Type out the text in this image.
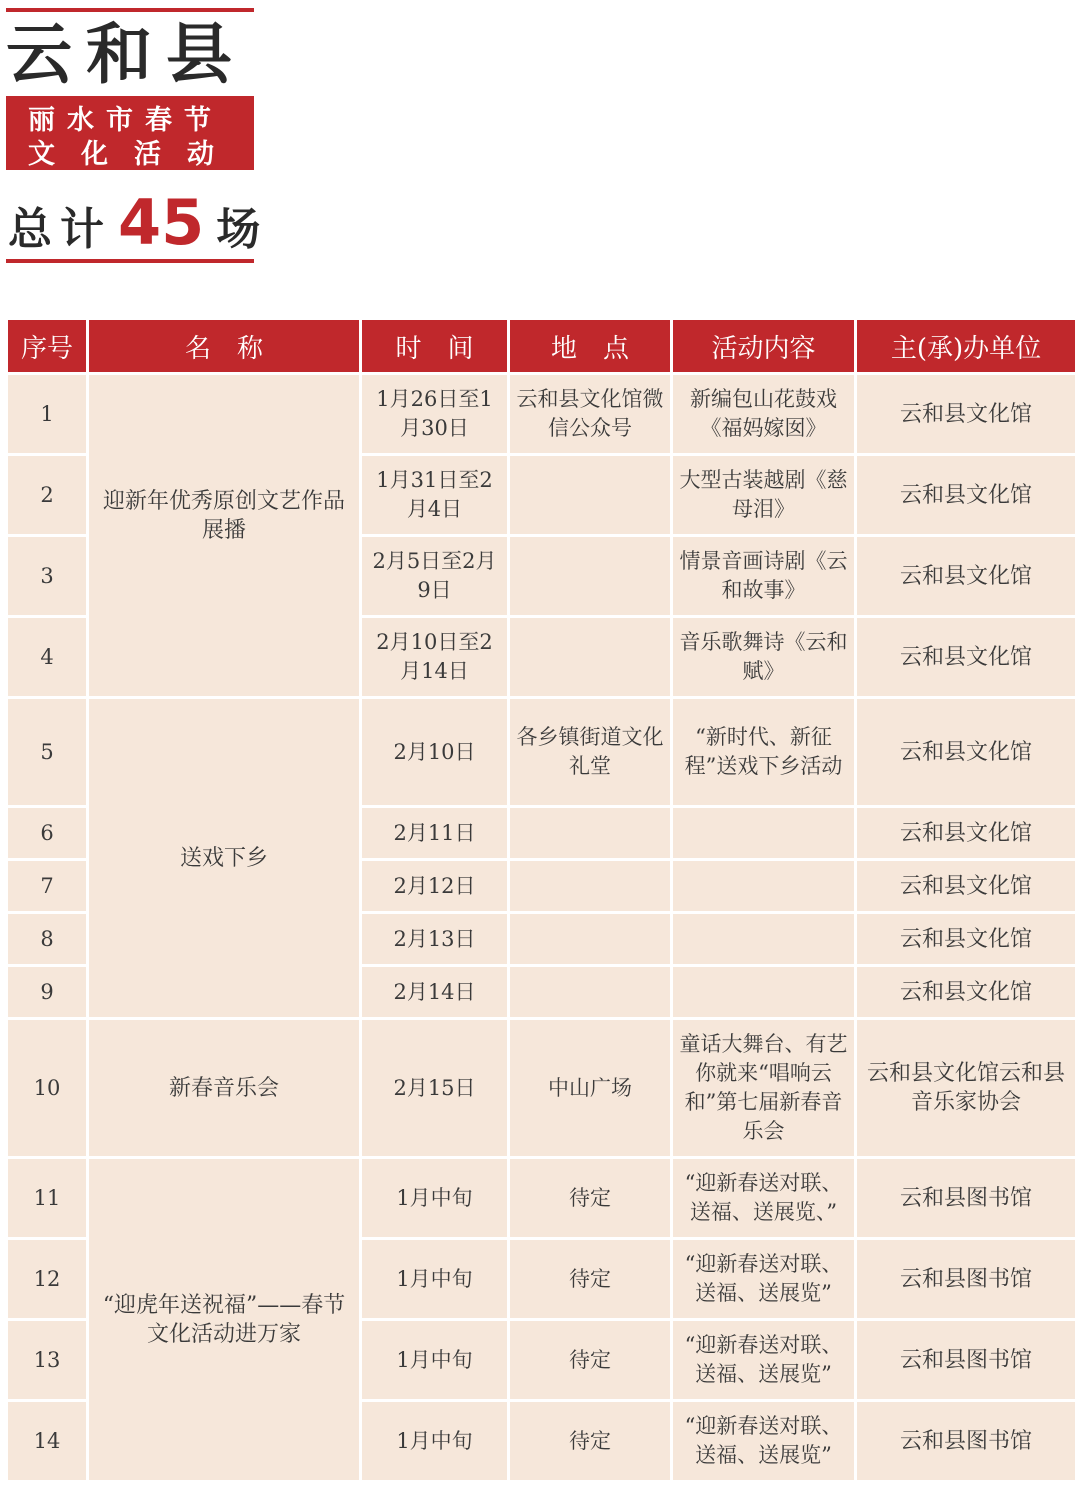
云和县
丽水市春节
文化活动
总计45 场
序号	名　称	时　间	地　点	活动内容	主(承)办单位
1	迎新年优秀原创文艺作品展播	1月26日至1月30日	云和县文化馆微信公众号	新编包山花鼓戏《福妈嫁囡》	云和县文化馆
2		1月31日至2月4日		大型古装越剧《慈母泪》	云和县文化馆
3		2月5日至2月9日		情景音画诗剧《云和故事》	云和县文化馆
4		2月10日至2月14日		音乐歌舞诗《云和赋》	云和县文化馆
5	送戏下乡	2月10日	各乡镇街道文化礼堂	“新时代、新征程”送戏下乡活动	云和县文化馆
6		2月11日			云和县文化馆
7		2月12日			云和县文化馆
8		2月13日			云和县文化馆
9		2月14日			云和县文化馆
10	新春音乐会	2月15日	中山广场	童话大舞台、有艺你就来“唱响云和”第七届新春音乐会	云和县文化馆云和县音乐家协会
11	“迎虎年送祝福”——春节文化活动进万家	1月中旬	待定	“迎新春送对联、送福、送展览、”	云和县图书馆
12		1月中旬	待定	“迎新春送对联、送福、送展览”	云和县图书馆
13		1月中旬	待定	“迎新春送对联、送福、送展览”	云和县图书馆
14		1月中旬	待定	“迎新春送对联、送福、送展览”	云和县图书馆
